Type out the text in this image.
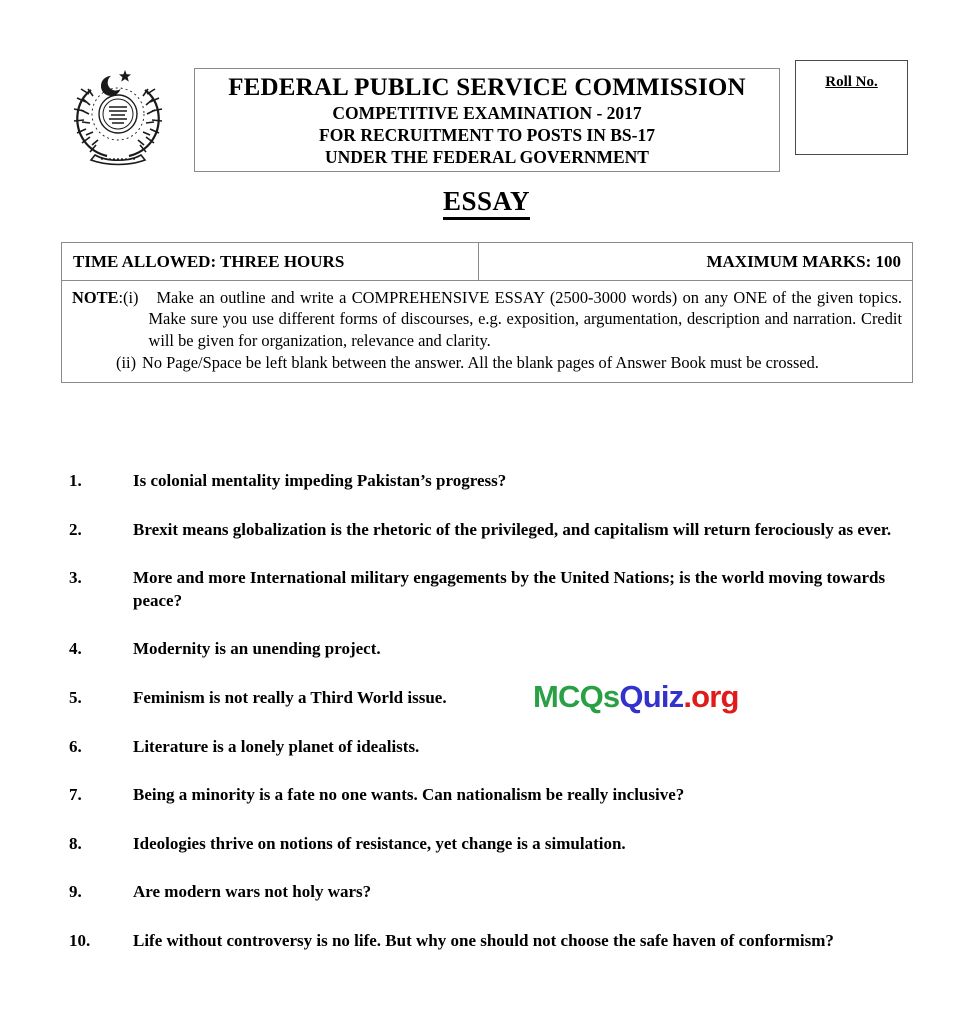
FEDERAL PUBLIC SERVICE COMMISSION
COMPETITIVE EXAMINATION - 2017
FOR RECRUITMENT TO POSTS IN BS-17
UNDER THE FEDERAL GOVERNMENT
Roll No.
ESSAY
TIME ALLOWED: THREE HOURS	MAXIMUM MARKS: 100
NOTE:(i)	Make an outline and write a COMPREHENSIVE ESSAY (2500-3000 words) on any ONE of the given topics. Make sure you use different forms of discourses, e.g. exposition, argumentation, description and narration. Credit will be given for organization, relevance and clarity.
(ii) No Page/Space be left blank between the answer. All the blank pages of Answer Book must be crossed.
1.	Is colonial mentality impeding Pakistan’s progress?
2.	Brexit means globalization is the rhetoric of the privileged, and capitalism will return ferociously as ever.
3.	More and more International military engagements by the United Nations; is the world moving towards peace?
4.	Modernity is an unending project.
5.	Feminism is not really a Third World issue.
6.	Literature is a lonely planet of idealists.
7.	Being a minority is a fate no one wants. Can nationalism be really inclusive?
8.	Ideologies thrive on notions of resistance, yet change is a simulation.
9.	Are modern wars not holy wars?
10.	Life without controversy is no life. But why one should not choose the safe haven of conformism?
MCQsQuiz.org
